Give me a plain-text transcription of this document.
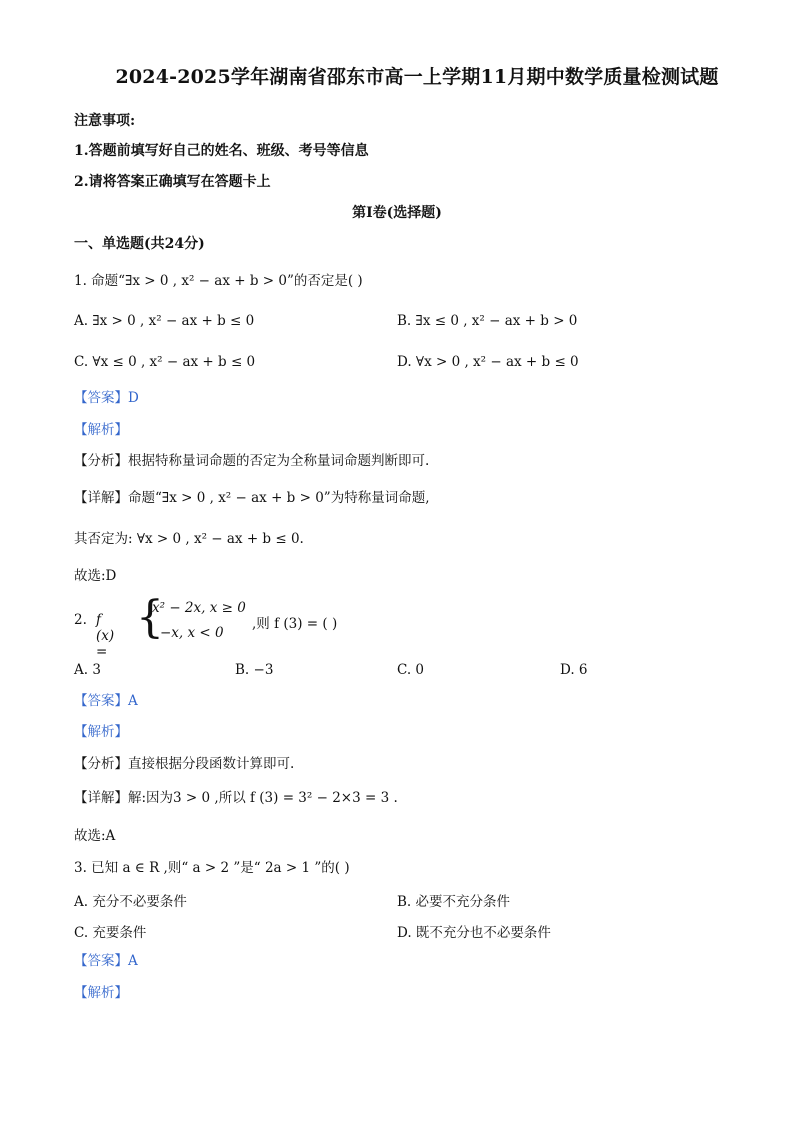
2024-2025学年湖南省邵东市高一上学期11月期中数学质量检测试题
注意事项:
1.答题前填写好自己的姓名、班级、考号等信息
2.请将答案正确填写在答题卡上
第I卷(选择题)
一、单选题(共24分)
1. 命题“∃x > 0 , x² − ax + b > 0”的否定是( )
A. ∃x > 0 , x² − ax + b ≤ 0	B. ∃x ≤ 0 , x² − ax + b > 0
C. ∀x ≤ 0 , x² − ax + b ≤ 0	D. ∀x > 0 , x² − ax + b ≤ 0
【答案】D
【解析】
【分析】根据特称量词命题的否定为全称量词命题判断即可.
【详解】命题“∃x > 0 , x² − ax + b > 0”为特称量词命题,
其否定为: ∀x > 0 , x² − ax + b ≤ 0.
故选:D
2. f (x) =
{
x² − 2x, x ≥ 0
−x, x < 0
,则 f (3) = ( )
A. 3	B. −3	C. 0	D. 6
【答案】A
【解析】
【分析】直接根据分段函数计算即可.
【详解】解:因为3 > 0 ,所以 f (3) = 3² − 2×3 = 3 .
故选:A
3. 已知 a ∈ R ,则“ a > 2 ”是“ 2a > 1 ”的( )
A. 充分不必要条件	B. 必要不充分条件
C. 充要条件	D. 既不充分也不必要条件
【答案】A
【解析】
